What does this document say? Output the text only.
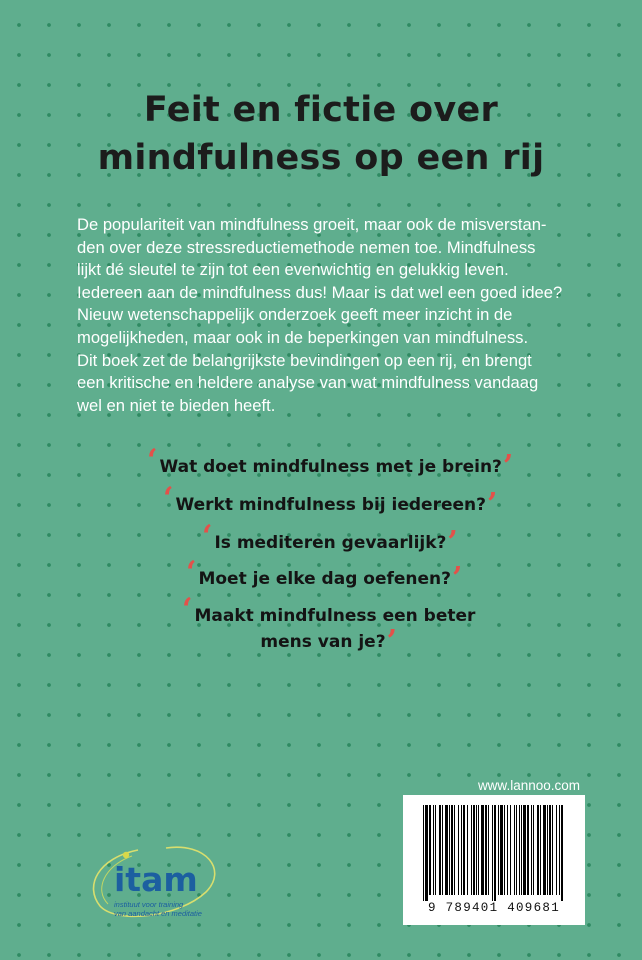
Feit en fictie over
mindfulness op een rij
De populariteit van mindfulness groeit, maar ook de misverstan-
den over deze stressreductiemethode nemen toe. Mindfulness
lijkt dé sleutel te zijn tot een evenwichtig en gelukkig leven.
Iedereen aan de mindfulness dus! Maar is dat wel een goed idee?
Nieuw wetenschappelijk onderzoek geeft meer inzicht in de
mogelijkheden, maar ook in de beperkingen van mindfulness.
Dit boek zet de belangrijkste bevindingen op een rij, en brengt
een kritische en heldere analyse van wat mindfulness vandaag
wel en niet te bieden heeft.
‘ Wat doet mindfulness met je brein?’
‘ Werkt mindfulness bij iedereen?’
‘ Is mediteren gevaarlijk?’
‘ Moet je elke dag oefenen?’
‘ Maakt mindfulness een beter
mens van je?’
www.lannoo.com
9 789401 409681
itam
instituut voor training
van aandacht en meditatie
